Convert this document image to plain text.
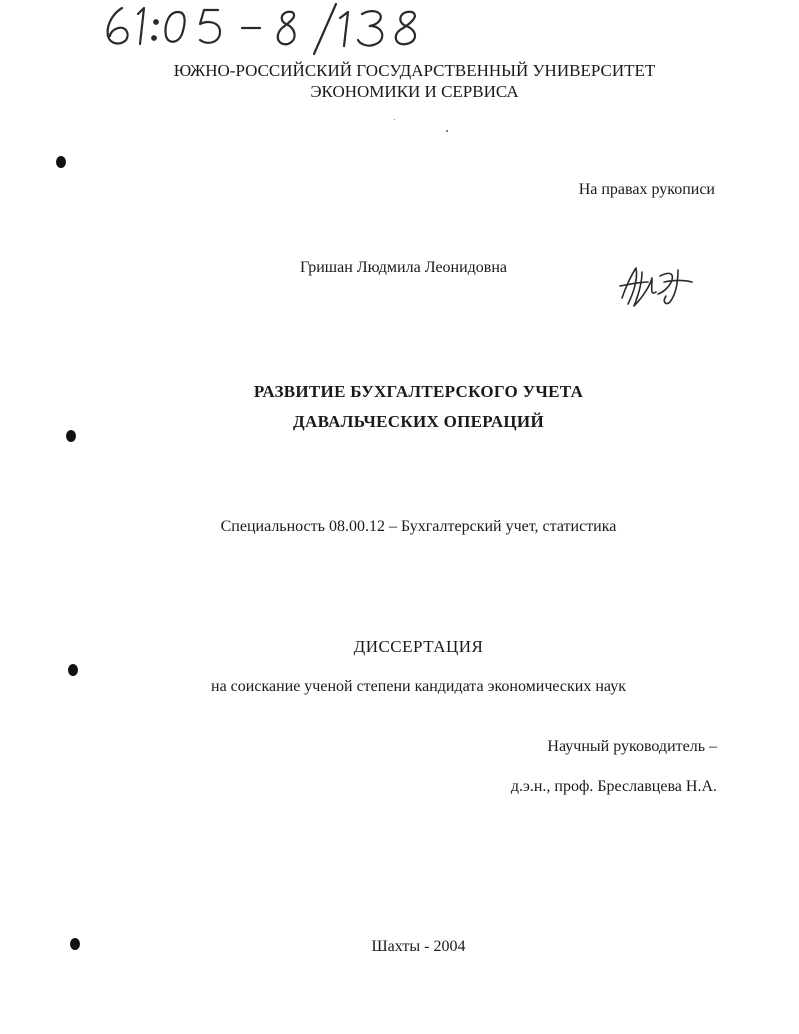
ЮЖНО-РОССИЙСКИЙ ГОСУДАРСТВЕННЫЙ УНИВЕРСИТЕТ
ЭКОНОМИКИ И СЕРВИСА
На правах рукописи
Гришан Людмила Леонидовна
РАЗВИТИЕ БУХГАЛТЕРСКОГО УЧЕТА
ДАВАЛЬЧЕСКИХ ОПЕРАЦИЙ
Специальность 08.00.12 – Бухгалтерский учет, статистика
ДИССЕРТАЦИЯ
на соискание ученой степени кандидата экономических наук
Научный руководитель –
д.э.н., проф. Бреславцева Н.А.
Шахты - 2004
